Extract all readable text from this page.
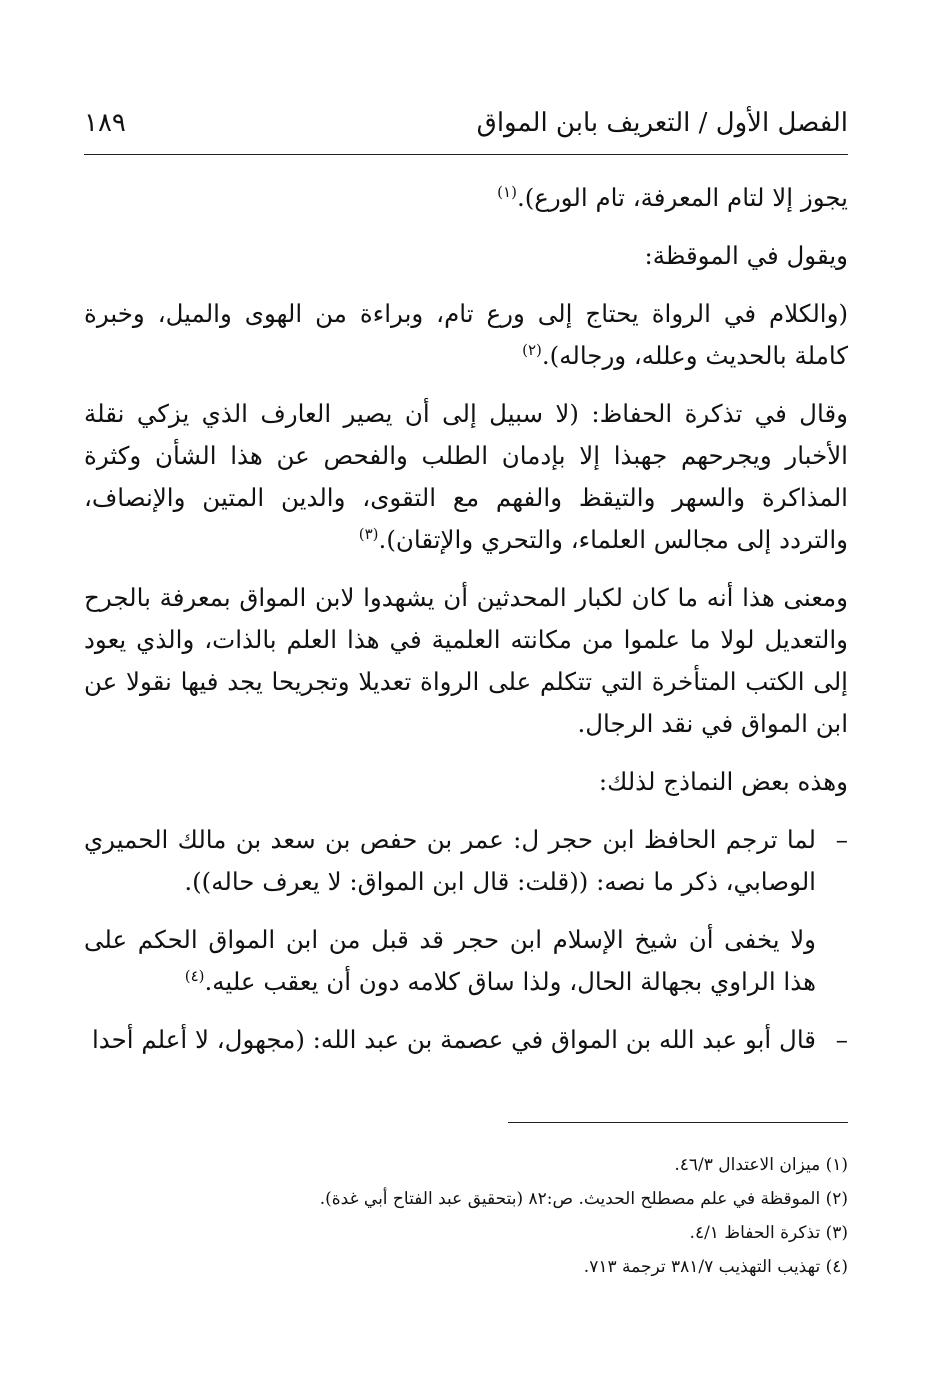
الفصل الأول / التعريف بابن المواق
١٨٩

يجوز إلا لتام المعرفة، تام الورع).$^{(١)}$

ويقول في الموقظة:

(والكلام في الرواة يحتاج إلى ورع تام، وبراءة من الهوى والميل، وخبرة كاملة بالحديث وعلله، ورجاله).$^{(٢)}$

وقال في تذكرة الحفاظ: (لا سبيل إلى أن يصير العارف الذي يزكي نقلة الأخبار ويجرحهم جهبذا إلا بإدمان الطلب والفحص عن هذا الشأن وكثرة المذاكرة والسهر والتيقظ والفهم مع التقوى، والدين المتين والإنصاف، والتردد إلى مجالس العلماء، والتحري والإتقان).$^{(٣)}$

ومعنى هذا أنه ما كان لكبار المحدثين أن يشهدوا لابن المواق بمعرفة بالجرح والتعديل لولا ما علموا من مكانته العلمية في هذا العلم بالذات، والذي يعود إلى الكتب المتأخرة التي تتكلم على الرواة تعديلا وتجريحا يجد فيها نقولا عن ابن المواق في نقد الرجال.

وهذه بعض النماذج لذلك:

–
لما ترجم الحافظ ابن حجر ل: عمر بن حفص بن سعد بن مالك الحميري الوصابي، ذكر ما نصه: ((قلت: قال ابن المواق: لا يعرف حاله)).

ولا يخفى أن شيخ الإسلام ابن حجر قد قبل من ابن المواق الحكم على هذا الراوي بجهالة الحال، ولذا ساق كلامه دون أن يعقب عليه.$^{(٤)}$

–
قال أبو عبد الله بن المواق في عصمة بن عبد الله: (مجهول، لا أعلم أحدا

(١) ميزان الاعتدال ٤٦/٣.
(٢) الموقظة في علم مصطلح الحديث. ص:٨٢ (بتحقيق عبد الفتاح أبي غدة).
(٣) تذكرة الحفاظ ٤/١.
(٤) تهذيب التهذيب ٣٨١/٧ ترجمة ٧١٣.
